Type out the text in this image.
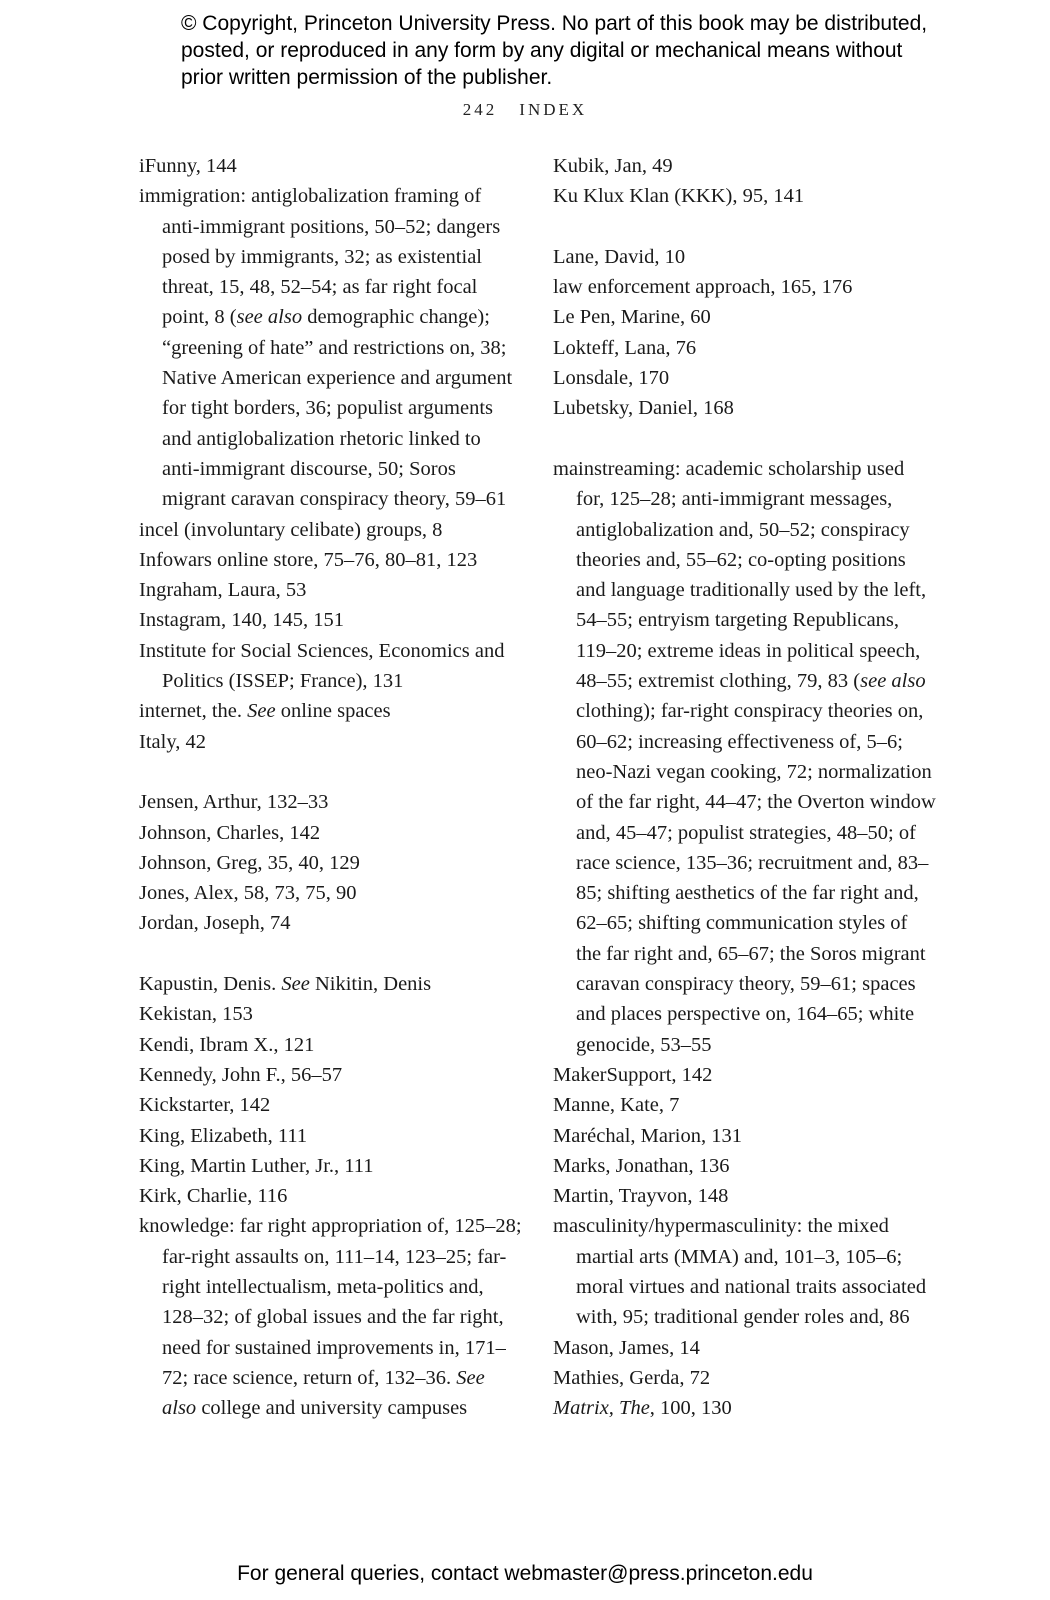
© Copyright, Princeton University Press. No part of this book may be distributed, posted, or reproduced in any form by any digital or mechanical means without prior written permission of the publisher.
242 INDEX
iFunny, 144
immigration: antiglobalization framing of anti-immigrant positions, 50–52; dangers posed by immigrants, 32; as existential threat, 15, 48, 52–54; as far right focal point, 8 (see also demographic change); “greening of hate” and restrictions on, 38; Native American experience and argument for tight borders, 36; populist arguments and antiglobalization rhetoric linked to anti-immigrant discourse, 50; Soros migrant caravan conspiracy theory, 59–61
incel (involuntary celibate) groups, 8
Infowars online store, 75–76, 80–81, 123
Ingraham, Laura, 53
Instagram, 140, 145, 151
Institute for Social Sciences, Economics and Politics (ISSEP; France), 131
internet, the. See online spaces
Italy, 42
Jensen, Arthur, 132–33
Johnson, Charles, 142
Johnson, Greg, 35, 40, 129
Jones, Alex, 58, 73, 75, 90
Jordan, Joseph, 74
Kapustin, Denis. See Nikitin, Denis
Kekistan, 153
Kendi, Ibram X., 121
Kennedy, John F., 56–57
Kickstarter, 142
King, Elizabeth, 111
King, Martin Luther, Jr., 111
Kirk, Charlie, 116
knowledge: far right appropriation of, 125–28; far-right assaults on, 111–14, 123–25; far-right intellectualism, meta-politics and, 128–32; of global issues and the far right, need for sustained improvements in, 171–72; race science, return of, 132–36. See also college and university campuses
Kubik, Jan, 49
Ku Klux Klan (KKK), 95, 141
Lane, David, 10
law enforcement approach, 165, 176
Le Pen, Marine, 60
Lokteff, Lana, 76
Lonsdale, 170
Lubetsky, Daniel, 168
mainstreaming: academic scholarship used for, 125–28; anti-immigrant messages, antiglobalization and, 50–52; conspiracy theories and, 55–62; co-opting positions and language traditionally used by the left, 54–55; entryism targeting Republicans, 119–20; extreme ideas in political speech, 48–55; extremist clothing, 79, 83 (see also clothing); far-right conspiracy theories on, 60–62; increasing effectiveness of, 5–6; neo-Nazi vegan cooking, 72; normalization of the far right, 44–47; the Overton window and, 45–47; populist strategies, 48–50; of race science, 135–36; recruitment and, 83–85; shifting aesthetics of the far right and, 62–65; shifting communication styles of the far right and, 65–67; the Soros migrant caravan conspiracy theory, 59–61; spaces and places perspective on, 164–65; white genocide, 53–55
MakerSupport, 142
Manne, Kate, 7
Maréchal, Marion, 131
Marks, Jonathan, 136
Martin, Trayvon, 148
masculinity/hypermasculinity: the mixed martial arts (MMA) and, 101–3, 105–6; moral virtues and national traits associated with, 95; traditional gender roles and, 86
Mason, James, 14
Mathies, Gerda, 72
Matrix, The, 100, 130
For general queries, contact webmaster@press.princeton.edu
